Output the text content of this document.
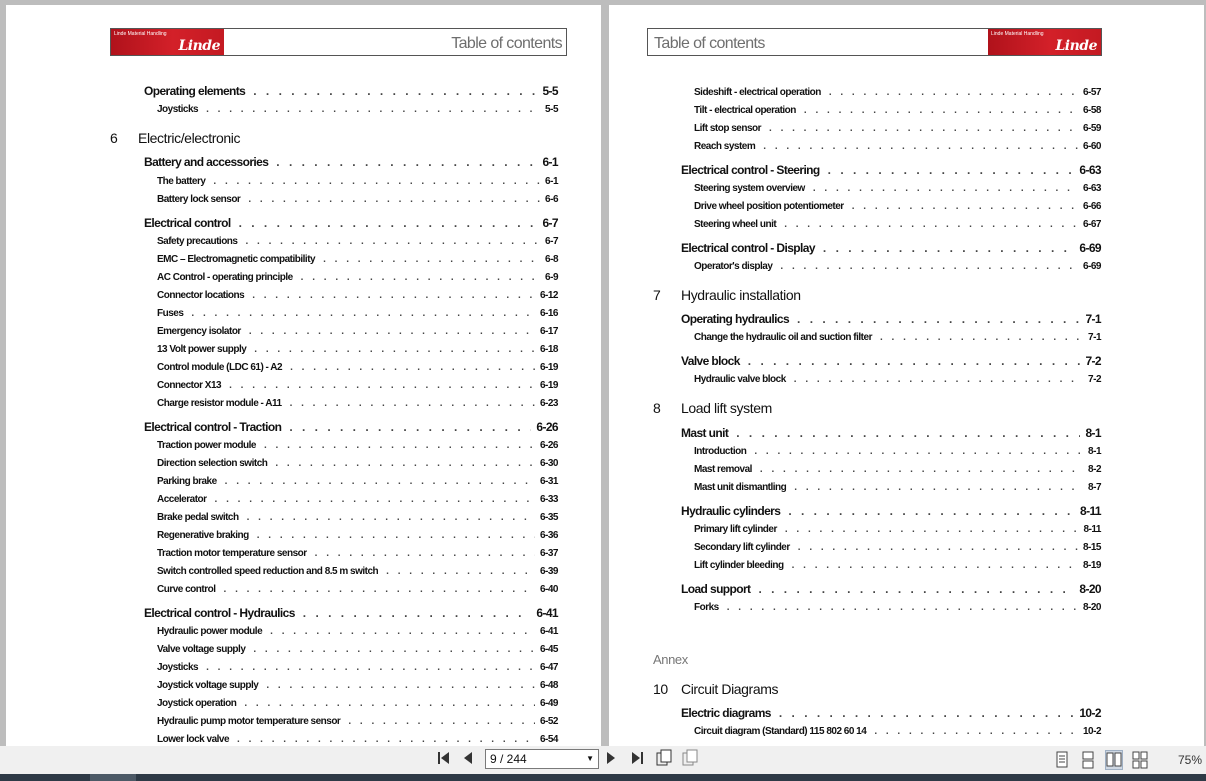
Linde Material Handling
Linde	Table of contents
Operating elements . . .	5-5
Joysticks . . .	5-5
6	Electric/electronic
Battery and accessories . . .	6-1
The battery . . .	6-1
Battery lock sensor . . .	6-6
Electrical control . . .	6-7
Safety precautions . . .	6-7
EMC – Electromagnetic compatibility . . .	6-8
AC Control - operating principle . . .	6-9
Connector locations . . .	6-12
Fuses . . .	6-16
Emergency isolator . . .	6-17
13 Volt power supply . . .	6-18
Control module (LDC 61) - A2 . . .	6-19
Connector X13 . . .	6-19
Charge resistor module - A11 . . .	6-23
Electrical control - Traction . . .	6-26
Traction power module . . .	6-26
Direction selection switch . . .	6-30
Parking brake . . .	6-31
Accelerator . . .	6-33
Brake pedal switch . . .	6-35
Regenerative braking . . .	6-36
Traction motor temperature sensor . . .	6-37
Switch controlled speed reduction and 8.5 m switch . . .	6-39
Curve control . . .	6-40
Electrical control - Hydraulics . . .	6-41
Hydraulic power module . . .	6-41
Valve voltage supply . . .	6-45
Joysticks . . .	6-47
Joystick voltage supply . . .	6-48
Joystick operation . . .	6-49
Hydraulic pump motor temperature sensor . . .	6-52
Lower lock valve . . .	6-54
Table of contents
Linde Material Handling
Linde
Sideshift - electrical operation . . .	6-57
Tilt - electrical operation . . .	6-58
Lift stop sensor . . .	6-59
Reach system . . .	6-60
Electrical control - Steering . . .	6-63
Steering system overview . . .	6-63
Drive wheel position potentiometer . . .	6-66
Steering wheel unit . . .	6-67
Electrical control - Display . . .	6-69
Operator's display . . .	6-69
7	Hydraulic installation
Operating hydraulics . . .	7-1
Change the hydraulic oil and suction filter . . .	7-1
Valve block . . .	7-2
Hydraulic valve block . . .	7-2
8	Load lift system
Mast unit . . .	8-1
Introduction . . .	8-1
Mast removal . . .	8-2
Mast unit dismantling . . .	8-7
Hydraulic cylinders . . .	8-11
Primary lift cylinder . . .	8-11
Secondary lift cylinder . . .	8-15
Lift cylinder bleeding . . .	8-19
Load support . . .	8-20
Forks . . .	8-20
Annex
10 Circuit Diagrams
Electric diagrams . . .	10-2
Circuit diagram (Standard) 115 802 60 14 . . .	10-2
9 / 244	▼	75%
